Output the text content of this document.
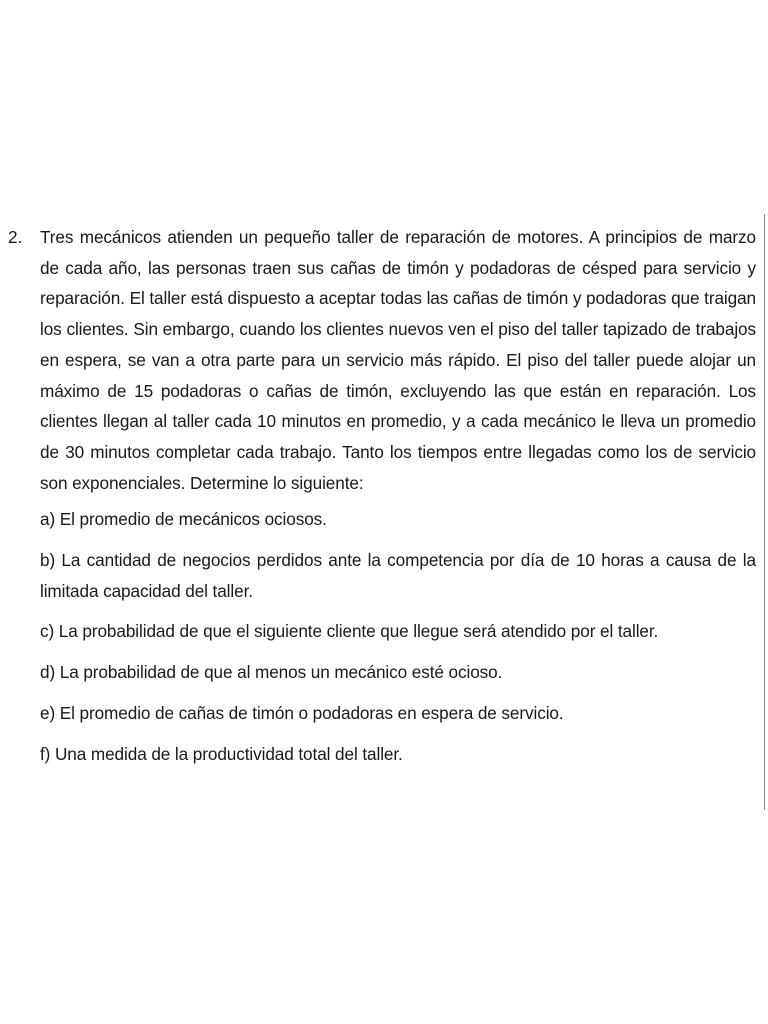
2.	Tres mecánicos atienden un pequeño taller de reparación de motores. A principios de marzo de cada año, las personas traen sus cañas de timón y podadoras de césped para servicio y reparación. El taller está dispuesto a aceptar todas las cañas de timón y podadoras que traigan los clientes. Sin embargo, cuando los clientes nuevos ven el piso del taller tapizado de trabajos en espera, se van a otra parte para un servicio más rápido. El piso del taller puede alojar un máximo de 15 podadoras o cañas de timón, excluyendo las que están en reparación. Los clientes llegan al taller cada 10 minutos en promedio, y a cada mecánico le lleva un promedio de 30 minutos completar cada trabajo. Tanto los tiempos entre llegadas como los de servicio son exponenciales. Determine lo siguiente:

a) El promedio de mecánicos ociosos.
b) La cantidad de negocios perdidos ante la competencia por día de 10 horas a causa de la limitada capacidad del taller.
c) La probabilidad de que el siguiente cliente que llegue será atendido por el taller.
d) La probabilidad de que al menos un mecánico esté ocioso.
e) El promedio de cañas de timón o podadoras en espera de servicio.
f) Una medida de la productividad total del taller.
